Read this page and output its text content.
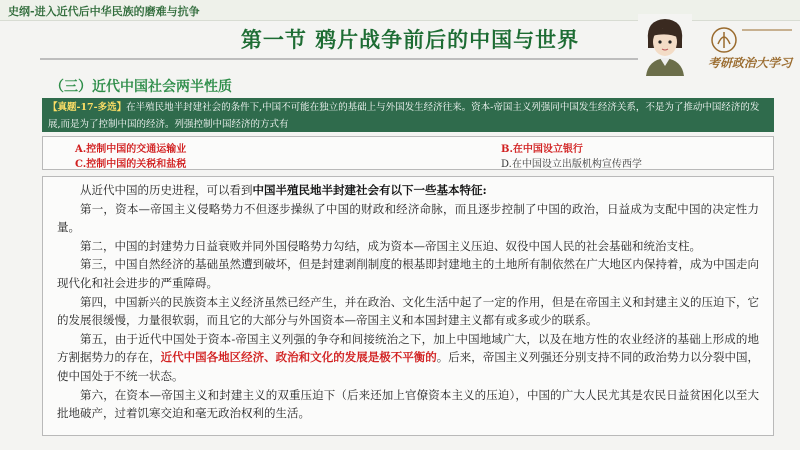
史纲-进入近代后中华民族的磨难与抗争
第一节 鸦片战争前后的中国与世界
考研政治大学习
（三）近代中国社会两半性质
【真题-17-多选】在半殖民地半封建社会的条件下,中国不可能在独立的基础上与外国发生经济往来。资本-帝国主义列强同中国发生经济关系，不是为了推动中国经济的发展,而是为了控制中国的经济。列强控制中国经济的方式有
A.控制中国的交通运输业	B.在中国设立银行
C.控制中国的关税和盐税	D.在中国设立出版机构宣传西学

从近代中国的历史进程，可以看到中国半殖民地半封建社会有以下一些基本特征:

第一，资本—帝国主义侵略势力不但逐步操纵了中国的财政和经济命脉，而且逐步控制了中国的政治，日益成为支配中国的决定性力量。

第二，中国的封建势力日益衰败并同外国侵略势力勾结，成为资本—帝国主义压迫、奴役中国人民的社会基础和统治支柱。

第三，中国自然经济的基础虽然遭到破坏，但是封建剥削制度的根基即封建地主的土地所有制依然在广大地区内保持着，成为中国走向现代化和社会进步的严重障碍。

第四，中国新兴的民族资本主义经济虽然已经产生，并在政治、文化生活中起了一定的作用，但是在帝国主义和封建主义的压迫下，它的发展很缓慢，力量很软弱，而且它的大部分与外国资本—帝国主义和本国封建主义都有或多或少的联系。

第五，由于近代中国处于资本-帝国主义列强的争夺和间接统治之下，加上中国地域广大，以及在地方性的农业经济的基础上形成的地方割据势力的存在，近代中国各地区经济、政治和文化的发展是极不平衡的。后来，帝国主义列强还分别支持不同的政治势力以分裂中国，使中国处于不统一状态。

第六，在资本—帝国主义和封建主义的双重压迫下（后来还加上官僚资本主义的压迫），中国的广大人民尤其是农民日益贫困化以至大批地破产，过着饥寒交迫和毫无政治权利的生活。
